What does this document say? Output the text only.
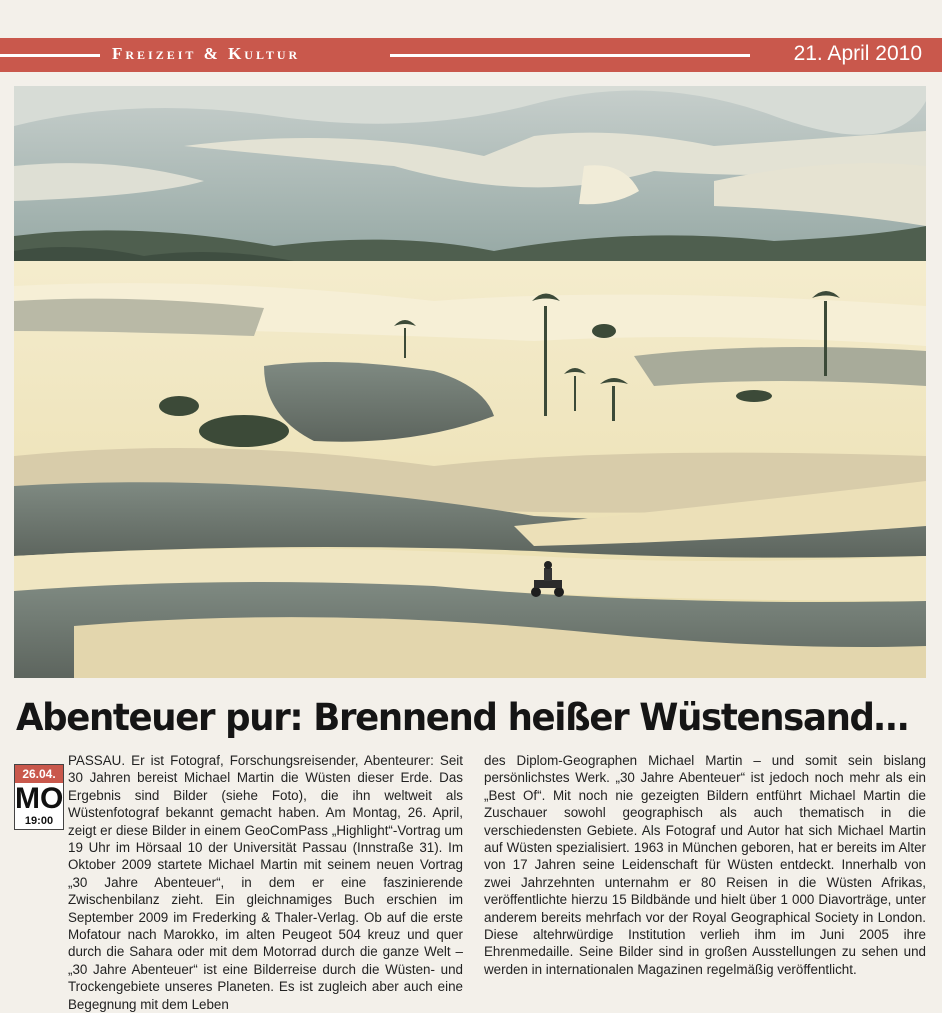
Freizeit & Kultur	21. April 2010
Abenteuer pur: Brennend heißer Wüstensand…
26.04.
MO
19:00
PASSAU. Er ist Fotograf, Forschungsreisender, Abenteurer: Seit 30 Jahren bereist Michael Martin die Wüsten dieser Erde. Das Ergebnis sind Bilder (siehe Foto), die ihn weltweit als Wüstenfotograf bekannt gemacht haben. Am Montag, 26. April, zeigt er diese Bilder in einem GeoComPass „Highlight“-Vortrag um 19 Uhr im Hörsaal 10 der Universität Passau (Innstraße 31). Im Oktober 2009 startete Michael Martin mit seinem neuen Vortrag „30 Jahre Abenteuer“, in dem er eine faszinierende Zwischenbilanz zieht. Ein gleichnamiges Buch erschien im September 2009 im Frederking & Thaler-Verlag. Ob auf die erste Mofatour nach Marokko, im alten Peugeot 504 kreuz und quer durch die Sahara oder mit dem Motorrad durch die ganze Welt – „30 Jahre Abenteuer“ ist eine Bilderreise durch die Wüsten- und Trockengebiete unseres Planeten. Es ist zugleich aber auch eine Begegnung mit dem Leben
des Diplom-Geographen Michael Martin – und somit sein bislang persönlichstes Werk. „30 Jahre Abenteuer“ ist jedoch noch mehr als ein „Best Of“. Mit noch nie gezeigten Bildern entführt Michael Martin die Zuschauer sowohl geographisch als auch thematisch in die verschiedensten Gebiete. Als Fotograf und Autor hat sich Michael Martin auf Wüsten spezialisiert. 1963 in München geboren, hat er bereits im Alter von 17 Jahren seine Leidenschaft für Wüsten entdeckt. Innerhalb von zwei Jahrzehnten unternahm er 80 Reisen in die Wüsten Afrikas, veröffentlichte hierzu 15 Bildbände und hielt über 1 000 Diavorträge, unter anderem bereits mehrfach vor der Royal Geographical Society in London. Diese altehrwürdige Institution verlieh ihm im Juni 2005 ihre Ehrenmedaille. Seine Bilder sind in großen Ausstellungen zu sehen und werden in internationalen Magazinen regelmäßig veröffentlicht.
